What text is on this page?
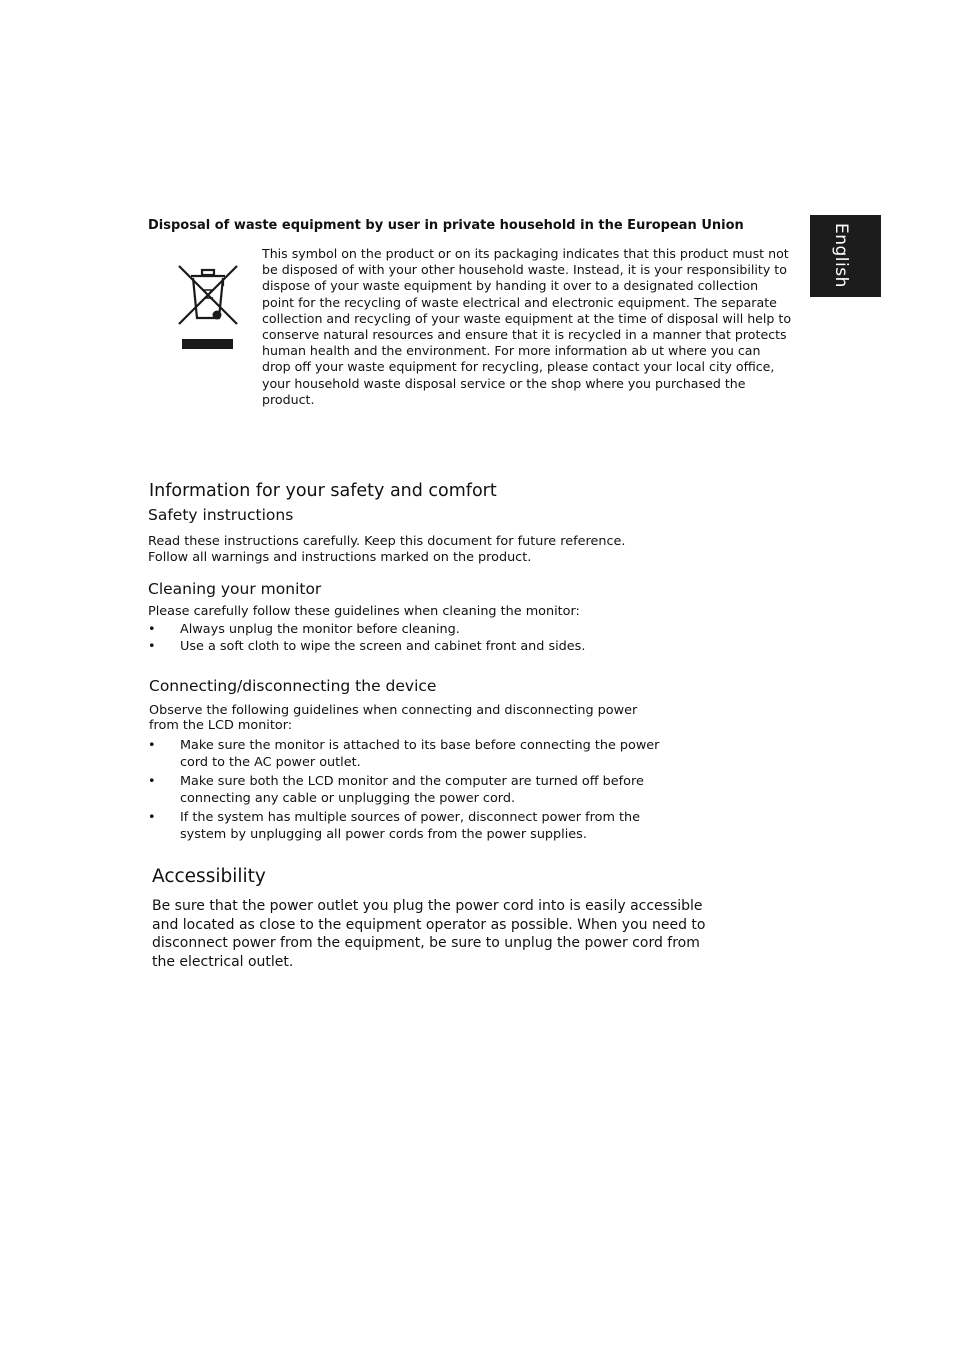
English
Disposal of waste equipment by user in private household in the European Union

This symbol on the product or on its packaging indicates that this product must not be disposed of with your other household waste. Instead, it is your responsibility to dispose of your waste equipment by handing it over to a designated collection point for the recycling of waste electrical and electronic equipment. The separate collection and recycling of your waste equipment at the time of disposal will help to conserve natural resources and ensure that it is recycled in a manner that protects human health and the environment. For more information ab ut where you can drop off your waste equipment for recycling, please contact your local city office, your household waste disposal service or the shop where you purchased the product.

Information for your safety and comfort
Safety instructions

Read these instructions carefully. Keep this document for future reference.

Follow all warnings and instructions marked on the product.

Cleaning your monitor

Please carefully follow these guidelines when cleaning the monitor:

• Always unplug the monitor before cleaning.
• Use a soft cloth to wipe the screen and cabinet front and sides.
Connecting/disconnecting the device

Observe the following guidelines when connecting and disconnecting power

from the LCD monitor:

• Make sure the monitor is attached to its base before connecting the power cord to the AC power outlet.
• Make sure both the LCD monitor and the computer are turned off before connecting any cable or unplugging the power cord.
• If the system has multiple sources of power, disconnect power from the system by unplugging all power cords from the power supplies.
Accessibility

Be sure that the power outlet you plug the power cord into is easily accessible and located as close to the equipment operator as possible. When you need to disconnect power from the equipment, be sure to unplug the power cord from the electrical outlet.
